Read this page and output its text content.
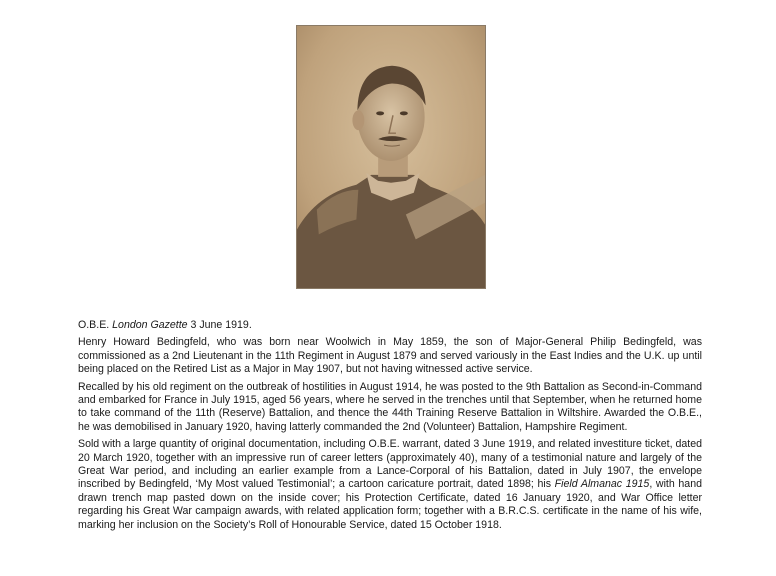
O.B.E. London Gazette 3 June 1919.

Henry Howard Bedingfeld, who was born near Woolwich in May 1859, the son of Major-General Philip Bedingfeld, was commissioned as a 2nd Lieutenant in the 11th Regiment in August 1879 and served variously in the East Indies and the U.K. up until being placed on the Retired List as a Major in May 1907, but not having witnessed active service.

Recalled by his old regiment on the outbreak of hostilities in August 1914, he was posted to the 9th Battalion as Second-in-Command and embarked for France in July 1915, aged 56 years, where he served in the trenches until that September, when he returned home to take command of the 11th (Reserve) Battalion, and thence the 44th Training Reserve Battalion in Wiltshire. Awarded the O.B.E., he was demobilised in January 1920, having latterly commanded the 2nd (Volunteer) Battalion, Hampshire Regiment.

Sold with a large quantity of original documentation, including O.B.E. warrant, dated 3 June 1919, and related investiture ticket, dated 20 March 1920, together with an impressive run of career letters (approximately 40), many of a testimonial nature and largely of the Great War period, and including an earlier example from a Lance-Corporal of his Battalion, dated in July 1907, the envelope inscribed by Bedingfeld, ‘My Most valued Testimonial’; a cartoon caricature portrait, dated 1898; his Field Almanac 1915, with hand drawn trench map pasted down on the inside cover; his Protection Certificate, dated 16 January 1920, and War Office letter regarding his Great War campaign awards, with related application form; together with a B.R.C.S. certificate in the name of his wife, marking her inclusion on the Society’s Roll of Honourable Service, dated 15 October 1918.
